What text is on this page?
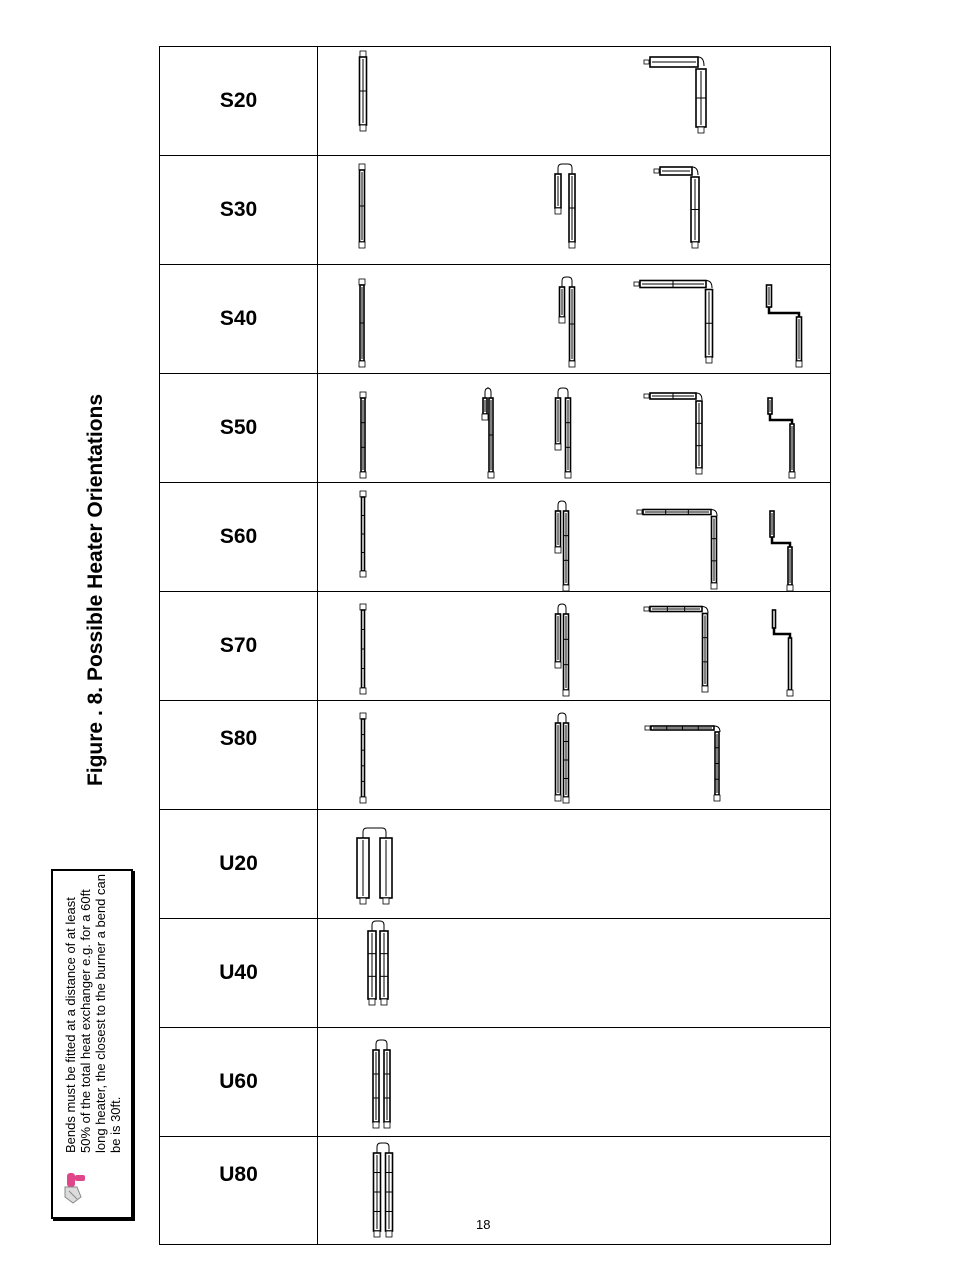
Figure . 8. Possible Heater Orientations
Bends must be fitted at a distance of at least 50% of the total heat exchanger e.g. for a 60ft long heater, the closest to the burner a bend can be is 30ft.
S20	

S30	

S40	

S50	

S60	

S70	

S80	

U20	

U40	

U60	

U80	
18
